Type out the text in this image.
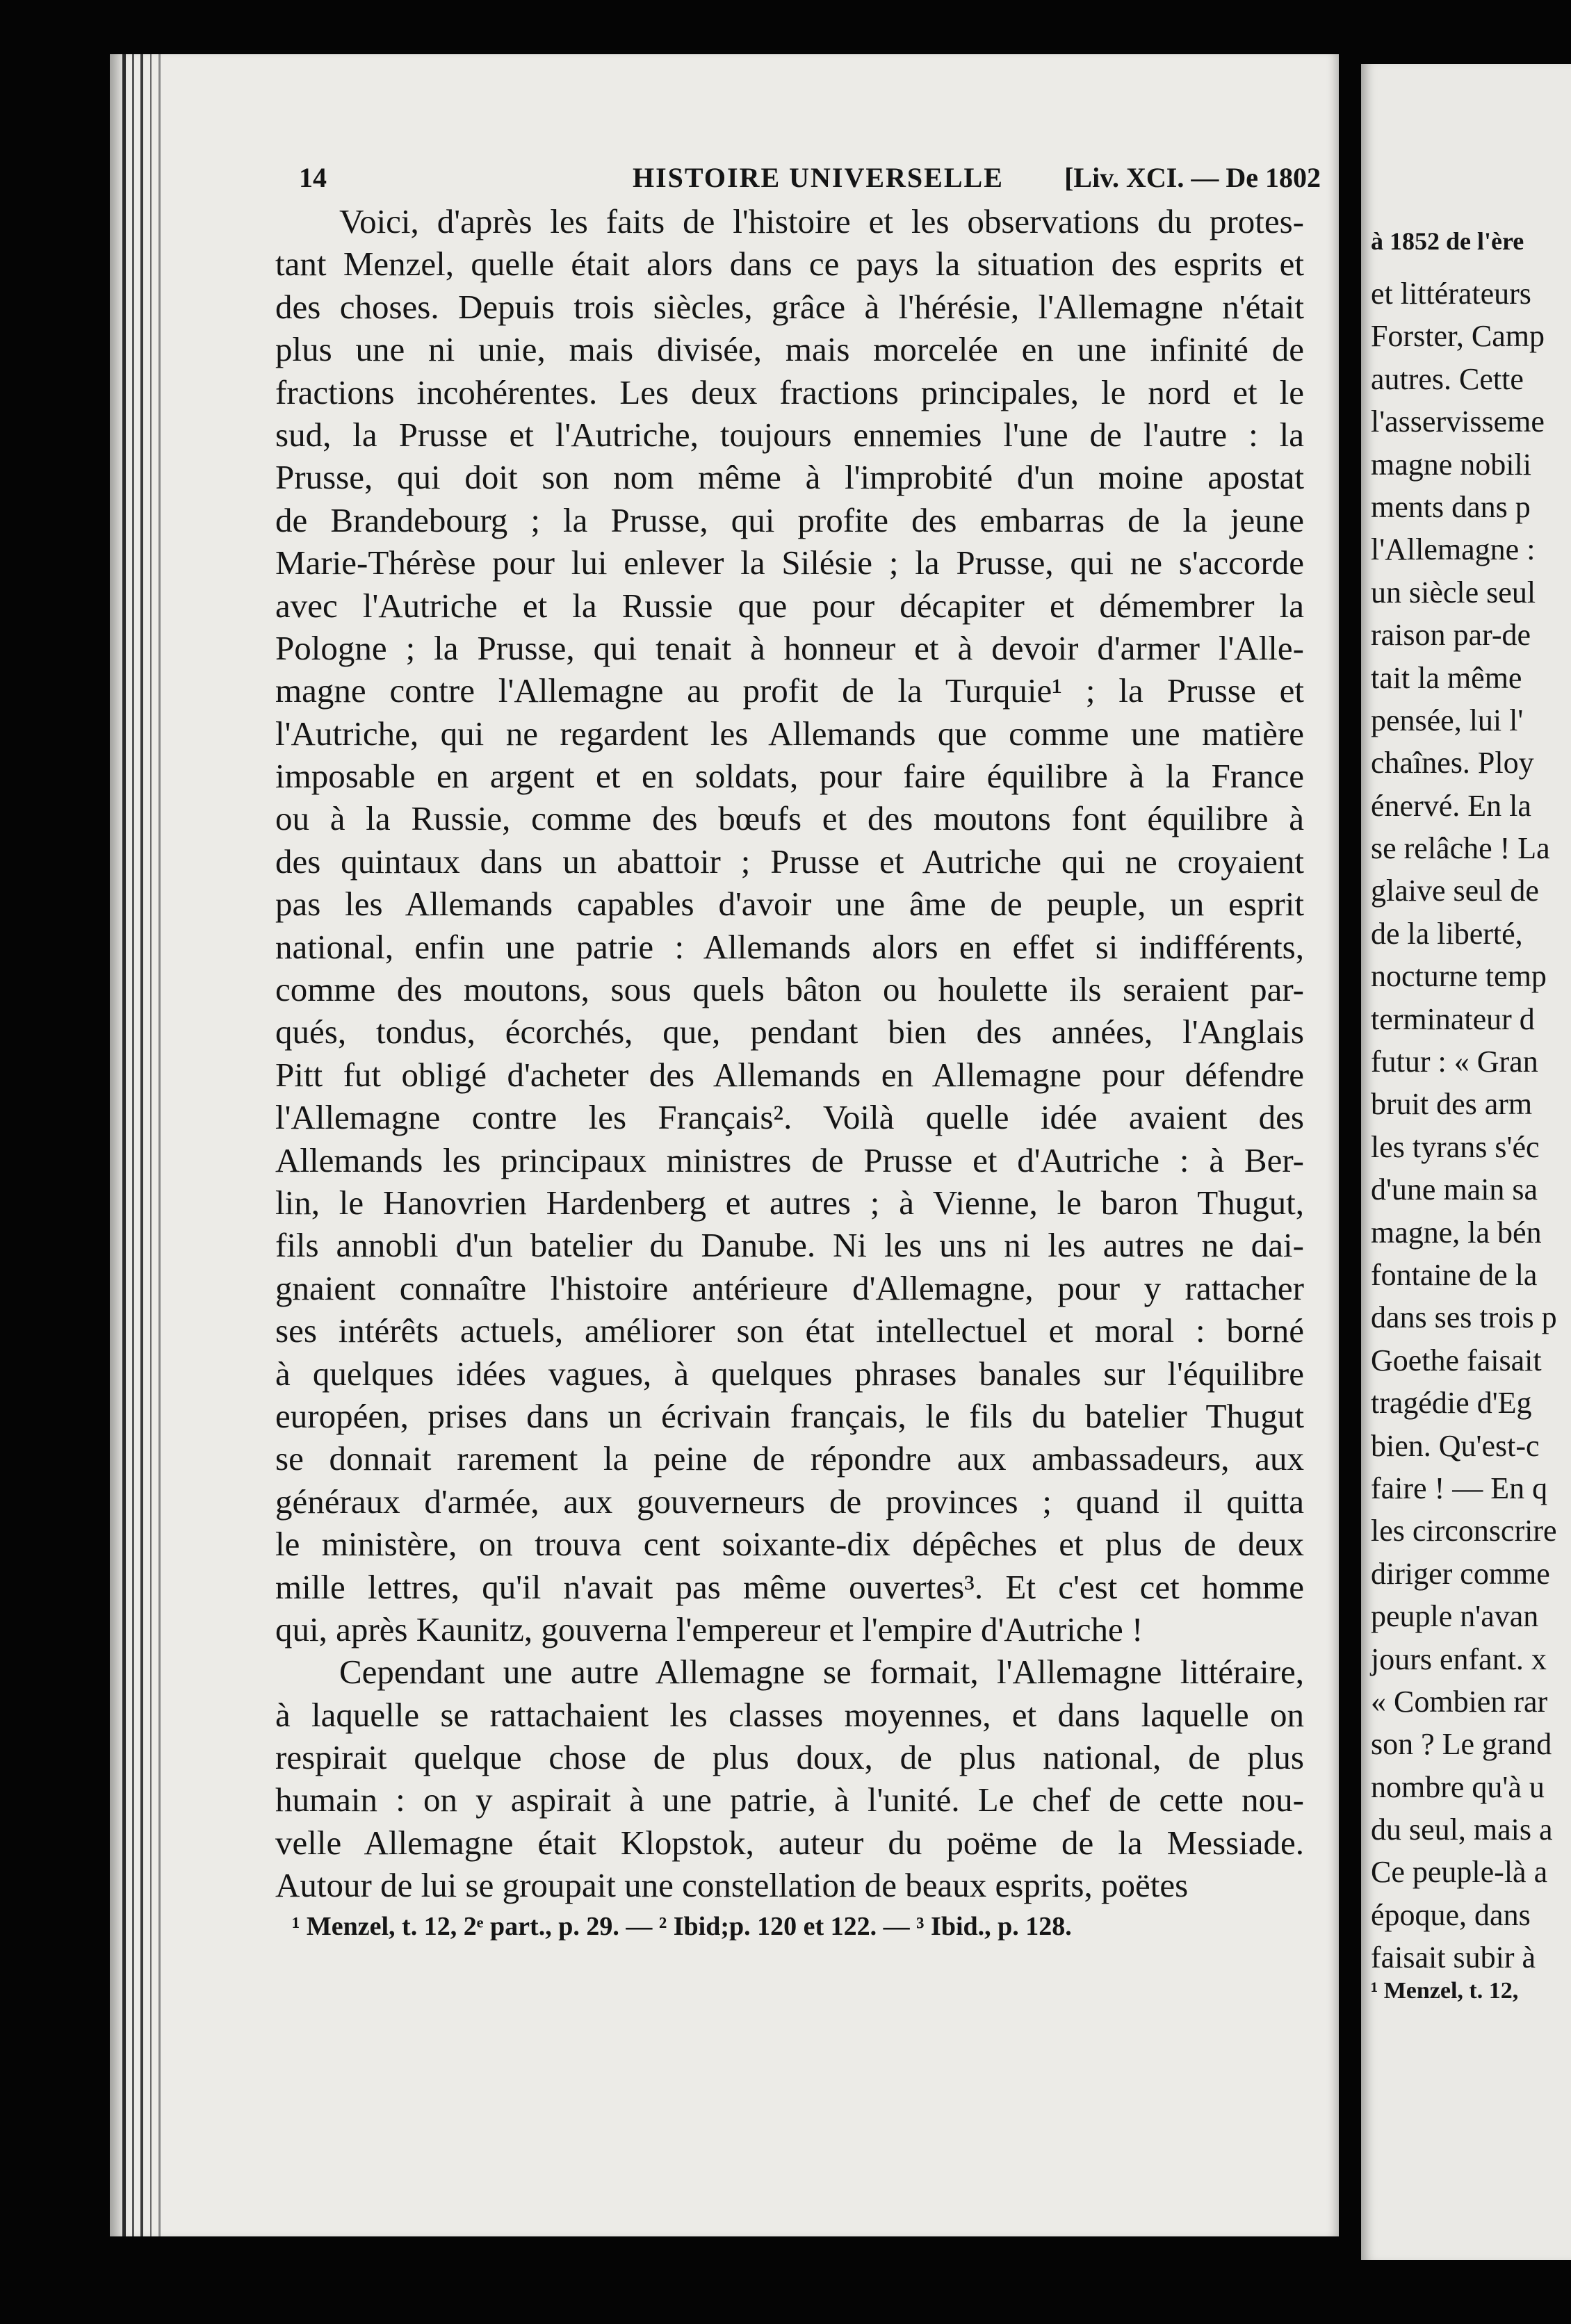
14	HISTOIRE UNIVERSELLE [Liv. XCI. — De 1802
Voici, d'après les faits de l'histoire et les observations du protes-
tant Menzel, quelle était alors dans ce pays la situation des esprits et
des choses. Depuis trois siècles, grâce à l'hérésie, l'Allemagne n'était
plus une ni unie, mais divisée, mais morcelée en une infinité de
fractions incohérentes. Les deux fractions principales, le nord et le
sud, la Prusse et l'Autriche, toujours ennemies l'une de l'autre : la
Prusse, qui doit son nom même à l'improbité d'un moine apostat
de Brandebourg ; la Prusse, qui profite des embarras de la jeune
Marie-Thérèse pour lui enlever la Silésie ; la Prusse, qui ne s'accorde
avec l'Autriche et la Russie que pour décapiter et démembrer la
Pologne ; la Prusse, qui tenait à honneur et à devoir d'armer l'Alle-
magne contre l'Allemagne au profit de la Turquie¹ ; la Prusse et
l'Autriche, qui ne regardent les Allemands que comme une matière
imposable en argent et en soldats, pour faire équilibre à la France
ou à la Russie, comme des bœufs et des moutons font équilibre à
des quintaux dans un abattoir ; Prusse et Autriche qui ne croyaient
pas les Allemands capables d'avoir une âme de peuple, un esprit
national, enfin une patrie : Allemands alors en effet si indifférents,
comme des moutons, sous quels bâton ou houlette ils seraient par-
qués, tondus, écorchés, que, pendant bien des années, l'Anglais
Pitt fut obligé d'acheter des Allemands en Allemagne pour défendre
l'Allemagne contre les Français². Voilà quelle idée avaient des
Allemands les principaux ministres de Prusse et d'Autriche : à Ber-
lin, le Hanovrien Hardenberg et autres ; à Vienne, le baron Thugut,
fils annobli d'un batelier du Danube. Ni les uns ni les autres ne dai-
gnaient connaître l'histoire antérieure d'Allemagne, pour y rattacher
ses intérêts actuels, améliorer son état intellectuel et moral : borné
à quelques idées vagues, à quelques phrases banales sur l'équilibre
européen, prises dans un écrivain français, le fils du batelier Thugut
se donnait rarement la peine de répondre aux ambassadeurs, aux
généraux d'armée, aux gouverneurs de provinces ; quand il quitta
le ministère, on trouva cent soixante-dix dépêches et plus de deux
mille lettres, qu'il n'avait pas même ouvertes³. Et c'est cet homme
qui, après Kaunitz, gouverna l'empereur et l'empire d'Autriche !
Cependant une autre Allemagne se formait, l'Allemagne littéraire,
à laquelle se rattachaient les classes moyennes, et dans laquelle on
respirait quelque chose de plus doux, de plus national, de plus
humain : on y aspirait à une patrie, à l'unité. Le chef de cette nou-
velle Allemagne était Klopstok, auteur du poëme de la Messiade.
Autour de lui se groupait une constellation de beaux esprits, poëtes
¹ Menzel, t. 12, 2ᵉ part., p. 29. — ² Ibid;p. 120 et 122. — ³ Ibid., p. 128.
à 1852 de l'ère
et littérateurs
Forster, Camp
autres. Cette
l'asservisseme
magne nobili
ments dans p
l'Allemagne :
un siècle seul
raison par-de
tait la même
pensée, lui l'
chaînes. Ploy
énervé. En la
se relâche ! La
glaive seul de
de la liberté,
nocturne temp
terminateur d
futur : « Gran
bruit des arm
les tyrans s'éc
d'une main sa
magne, la bén
fontaine de la
dans ses trois p
Goethe faisait
tragédie d'Eg
bien. Qu'est-c
faire ! — En q
les circonscrire
diriger comme
peuple n'avan
jours enfant. x
« Combien rar
son ? Le grand
nombre qu'à u
du seul, mais a
Ce peuple-là a
époque, dans
faisait subir à
¹ Menzel, t. 12,
